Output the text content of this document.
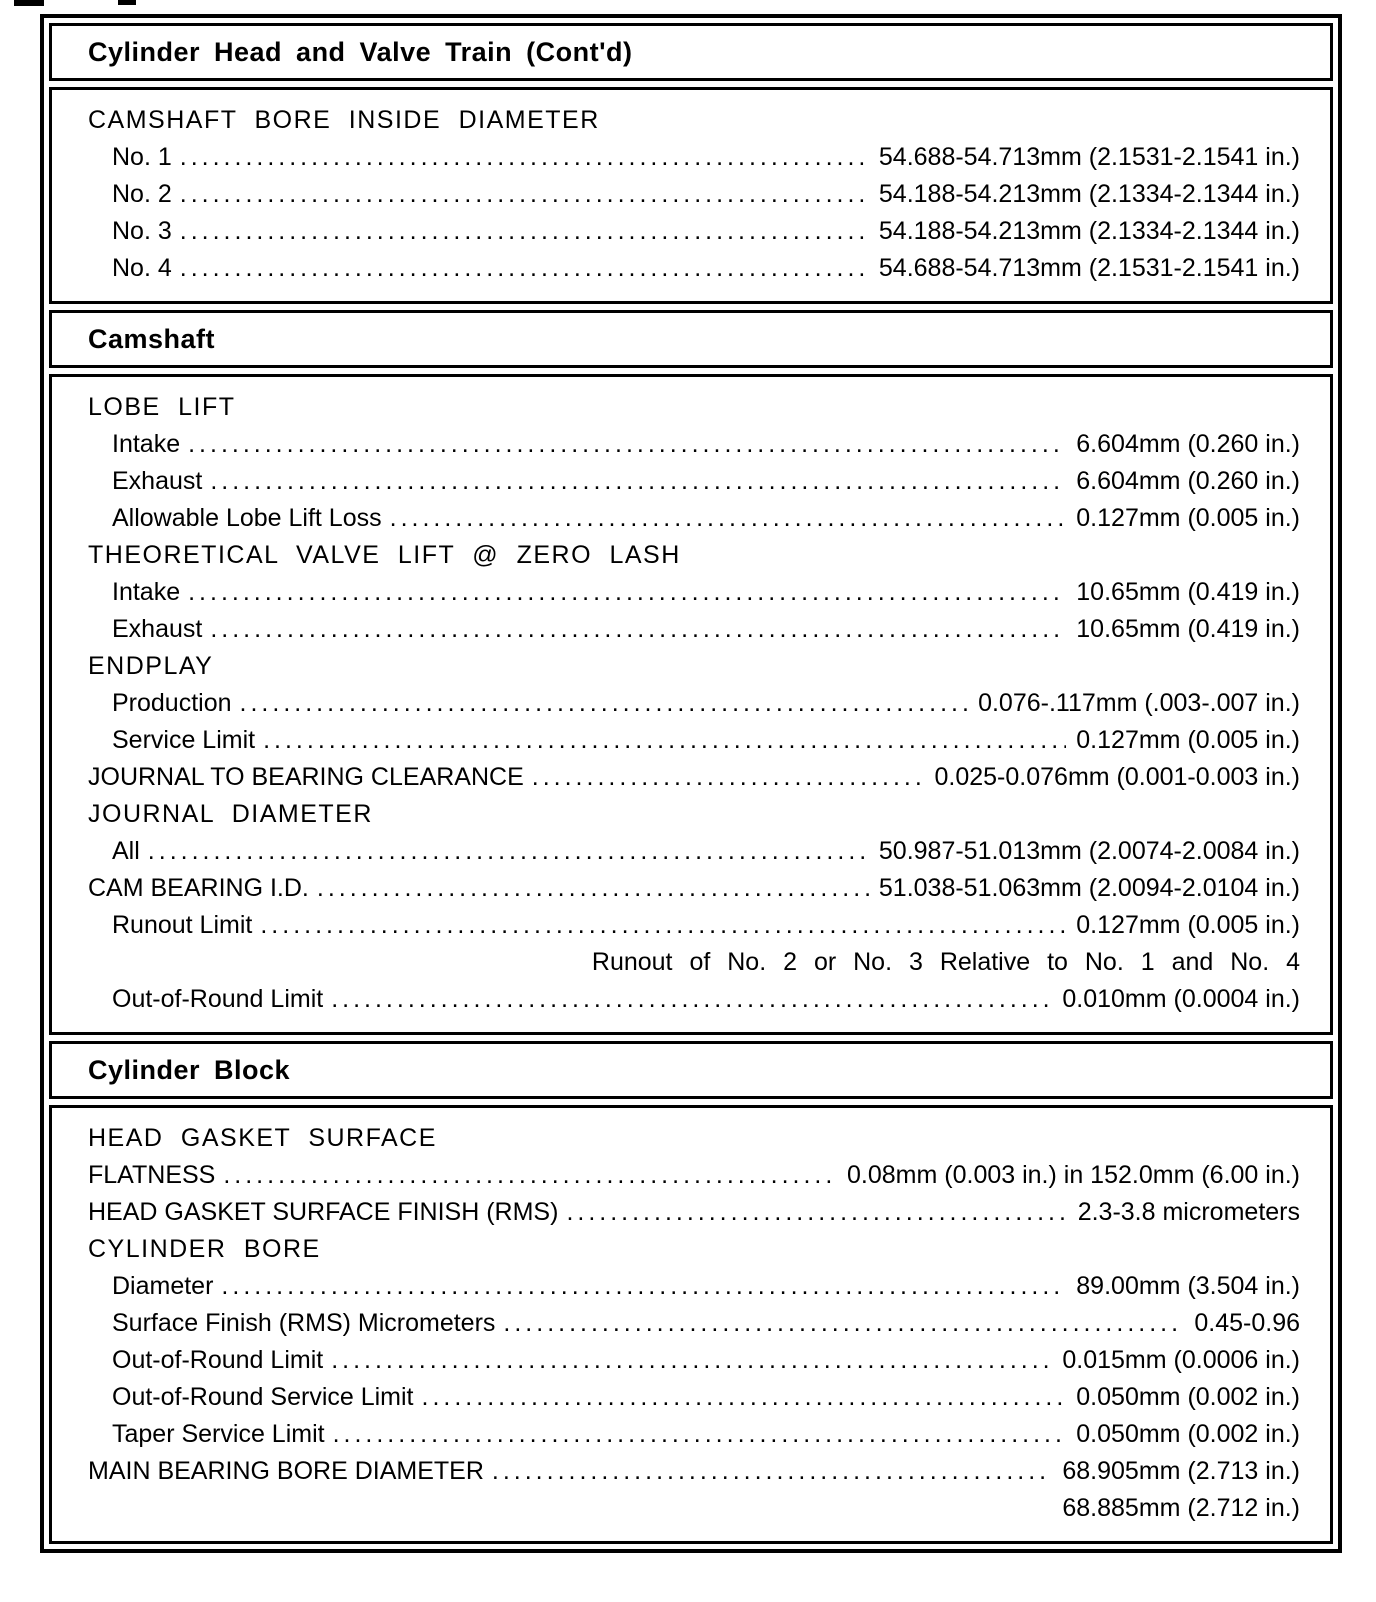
Cylinder Head and Valve Train (Cont'd)
CAMSHAFT BORE INSIDE DIAMETER
No. 1 .....	54.688-54.713mm (2.1531-2.1541 in.)
No. 2 .....	54.188-54.213mm (2.1334-2.1344 in.)
No. 3 .....	54.188-54.213mm (2.1334-2.1344 in.)
No. 4 .....	54.688-54.713mm (2.1531-2.1541 in.)
Camshaft
LOBE LIFT
Intake .....	6.604mm (0.260 in.)
Exhaust .....	6.604mm (0.260 in.)
Allowable Lobe Lift Loss .....	0.127mm (0.005 in.)
THEORETICAL VALVE LIFT @ ZERO LASH
Intake .....	10.65mm (0.419 in.)
Exhaust .....	10.65mm (0.419 in.)
ENDPLAY
Production .....	0.076-.117mm (.003-.007 in.)
Service Limit .....	0.127mm (0.005 in.)
JOURNAL TO BEARING CLEARANCE .....	0.025-0.076mm (0.001-0.003 in.)
JOURNAL DIAMETER
All .....	50.987-51.013mm (2.0074-2.0084 in.)
CAM BEARING I.D. .....	51.038-51.063mm (2.0094-2.0104 in.)
Runout Limit .....	0.127mm (0.005 in.)
Runout of No. 2 or No. 3 Relative to No. 1 and No. 4
Out-of-Round Limit .....	0.010mm (0.0004 in.)
Cylinder Block
HEAD GASKET SURFACE
FLATNESS .....	0.08mm (0.003 in.) in 152.0mm (6.00 in.)
HEAD GASKET SURFACE FINISH (RMS) .....	2.3-3.8 micrometers
CYLINDER BORE
Diameter .....	89.00mm (3.504 in.)
Surface Finish (RMS) Micrometers .....	0.45-0.96
Out-of-Round Limit .....	0.015mm (0.0006 in.)
Out-of-Round Service Limit .....	0.050mm (0.002 in.)
Taper Service Limit .....	0.050mm (0.002 in.)
MAIN BEARING BORE DIAMETER .....	68.905mm (2.713 in.)
68.885mm (2.712 in.)
